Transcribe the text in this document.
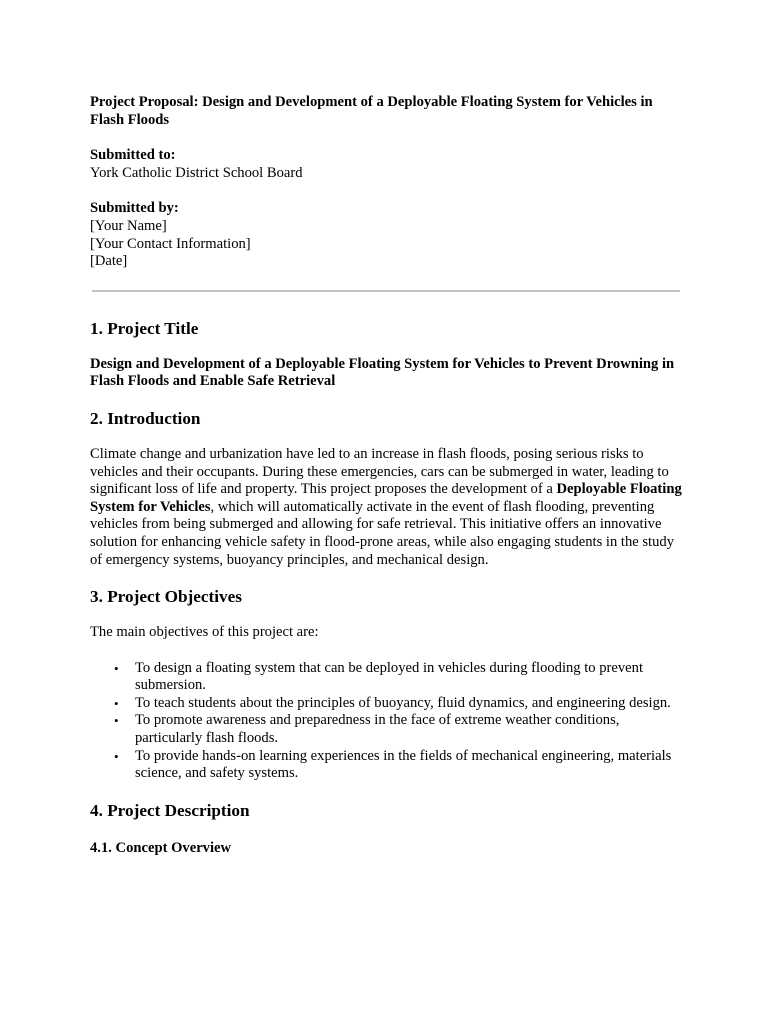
Project Proposal: Design and Development of a Deployable Floating System for Vehicles in Flash Floods

Submitted to:
York Catholic District School Board
Submitted by:
[Your Name]
[Your Contact Information]
[Date]
1. Project Title

Design and Development of a Deployable Floating System for Vehicles to Prevent Drowning in Flash Floods and Enable Safe Retrieval

2. Introduction

Climate change and urbanization have led to an increase in flash floods, posing serious risks to vehicles and their occupants. During these emergencies, cars can be submerged in water, leading to significant loss of life and property. This project proposes the development of a Deployable Floating System for Vehicles, which will automatically activate in the event of flash flooding, preventing vehicles from being submerged and allowing for safe retrieval. This initiative offers an innovative solution for enhancing vehicle safety in flood-prone areas, while also engaging students in the study of emergency systems, buoyancy principles, and mechanical design.

3. Project Objectives

The main objectives of this project are:

• To design a floating system that can be deployed in vehicles during flooding to prevent submersion.
• To teach students about the principles of buoyancy, fluid dynamics, and engineering design.
• To promote awareness and preparedness in the face of extreme weather conditions, particularly flash floods.
• To provide hands-on learning experiences in the fields of mechanical engineering, materials science, and safety systems.
4. Project Description
4.1. Concept Overview
